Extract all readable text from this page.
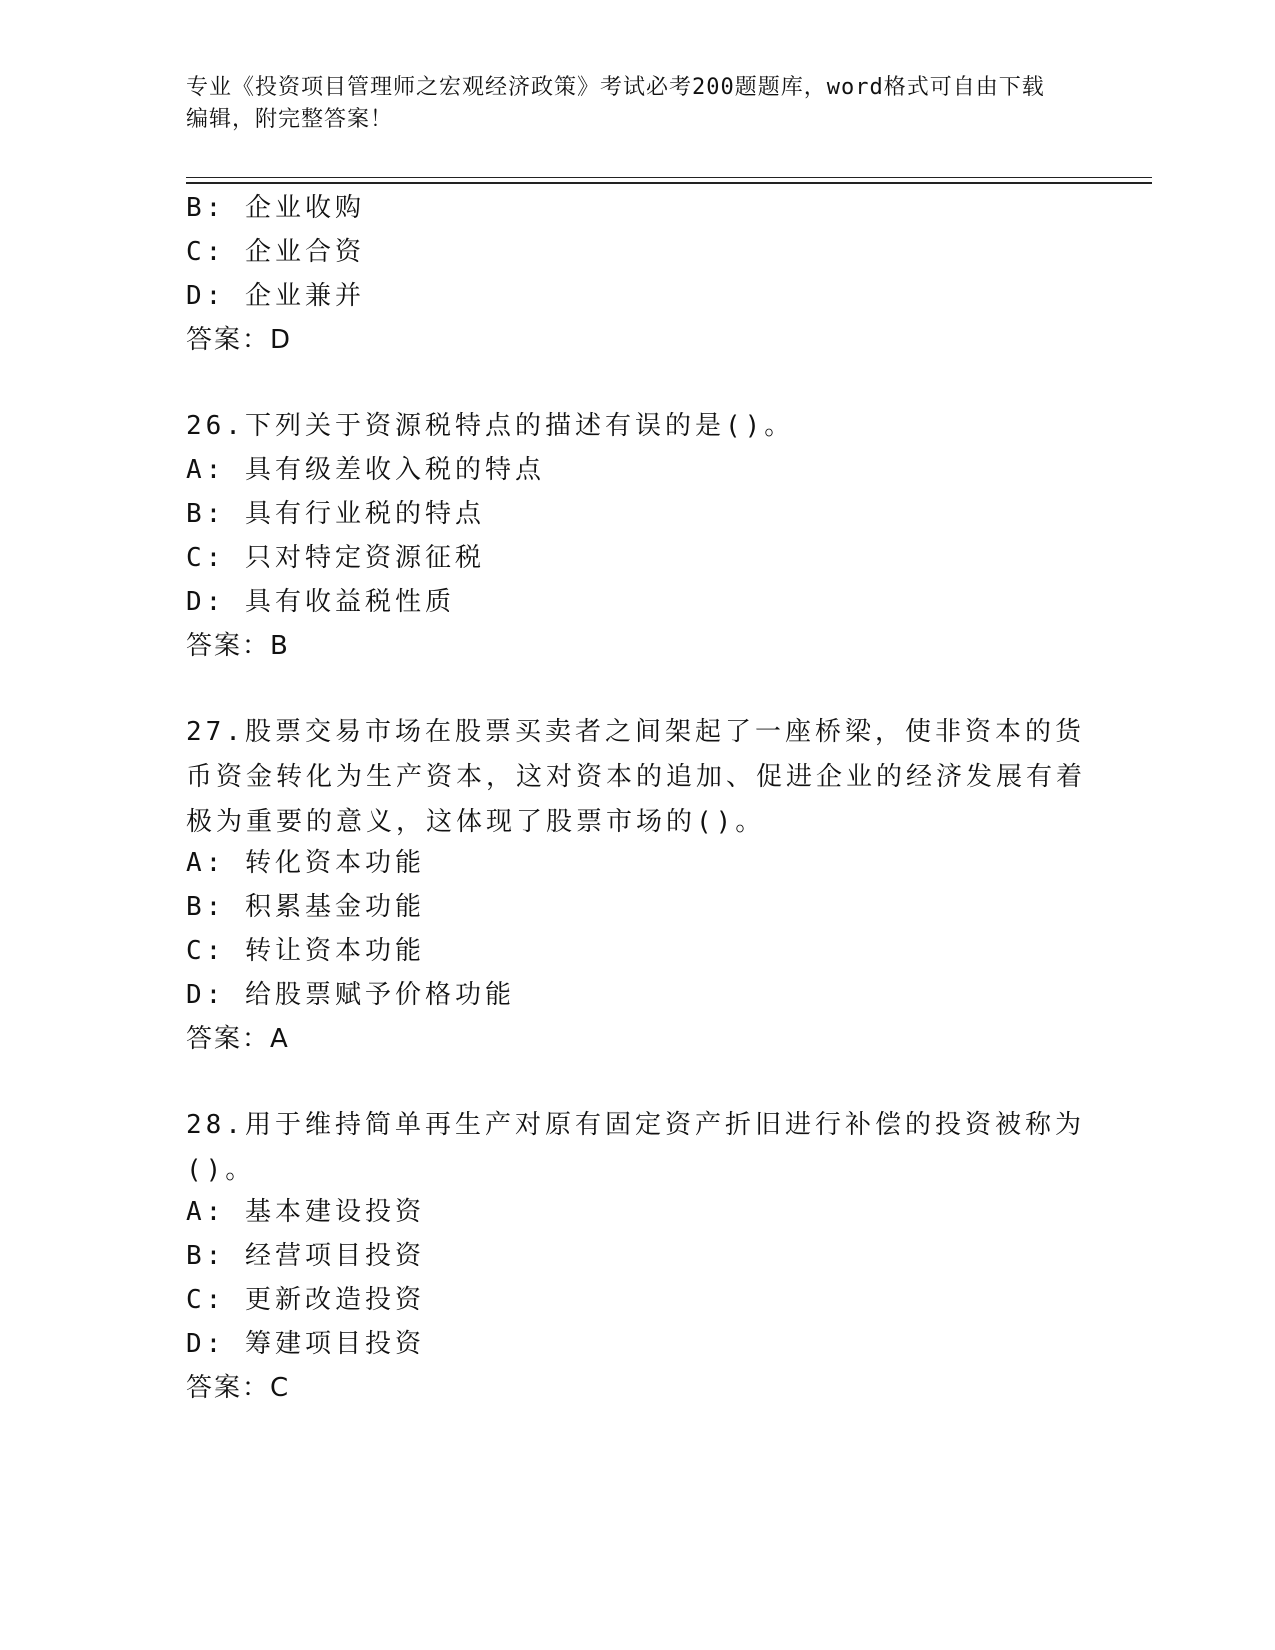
专业《投资项目管理师之宏观经济政策》考试必考200题题库，word格式可自由下载编辑，附完整答案！
B: 企业收购
C: 企业合资
D: 企业兼并
答案：D
26.下列关于资源税特点的描述有误的是()。
A: 具有级差收入税的特点
B: 具有行业税的特点
C: 只对特定资源征税
D: 具有收益税性质
答案：B
27.股票交易市场在股票买卖者之间架起了一座桥梁，使非资本的货币资金转化为生产资本，这对资本的追加、促进企业的经济发展有着极为重要的意义，这体现了股票市场的()。
A: 转化资本功能
B: 积累基金功能
C: 转让资本功能
D: 给股票赋予价格功能
答案：A
28.用于维持简单再生产对原有固定资产折旧进行补偿的投资被称为()。
A: 基本建设投资
B: 经营项目投资
C: 更新改造投资
D: 筹建项目投资
答案：C
